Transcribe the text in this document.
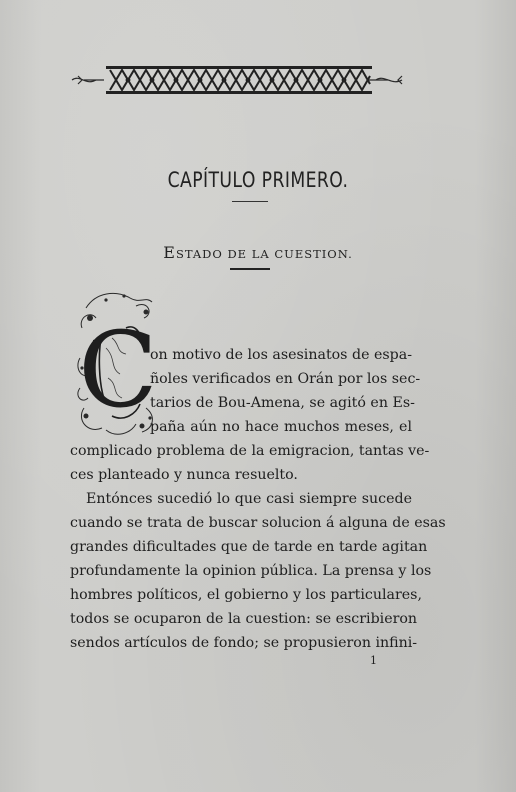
CAPÍTULO PRIMERO.
ESTADO DE LA CUESTION.
C
on motivo de los asesinatos de espa-
ñoles verificados en Orán por los sec-
tarios de Bou-Amena, se agitó en Es-
paña aún no hace muchos meses, el
complicado problema de la emigracion, tantas ve-
ces planteado y nunca resuelto.
Entónces sucedió lo que casi siempre sucede
cuando se trata de buscar solucion á alguna de esas
grandes dificultades que de tarde en tarde agitan
profundamente la opinion pública. La prensa y los
hombres políticos, el gobierno y los particulares,
todos se ocuparon de la cuestion: se escribieron
sendos artículos de fondo; se propusieron infini-
1
